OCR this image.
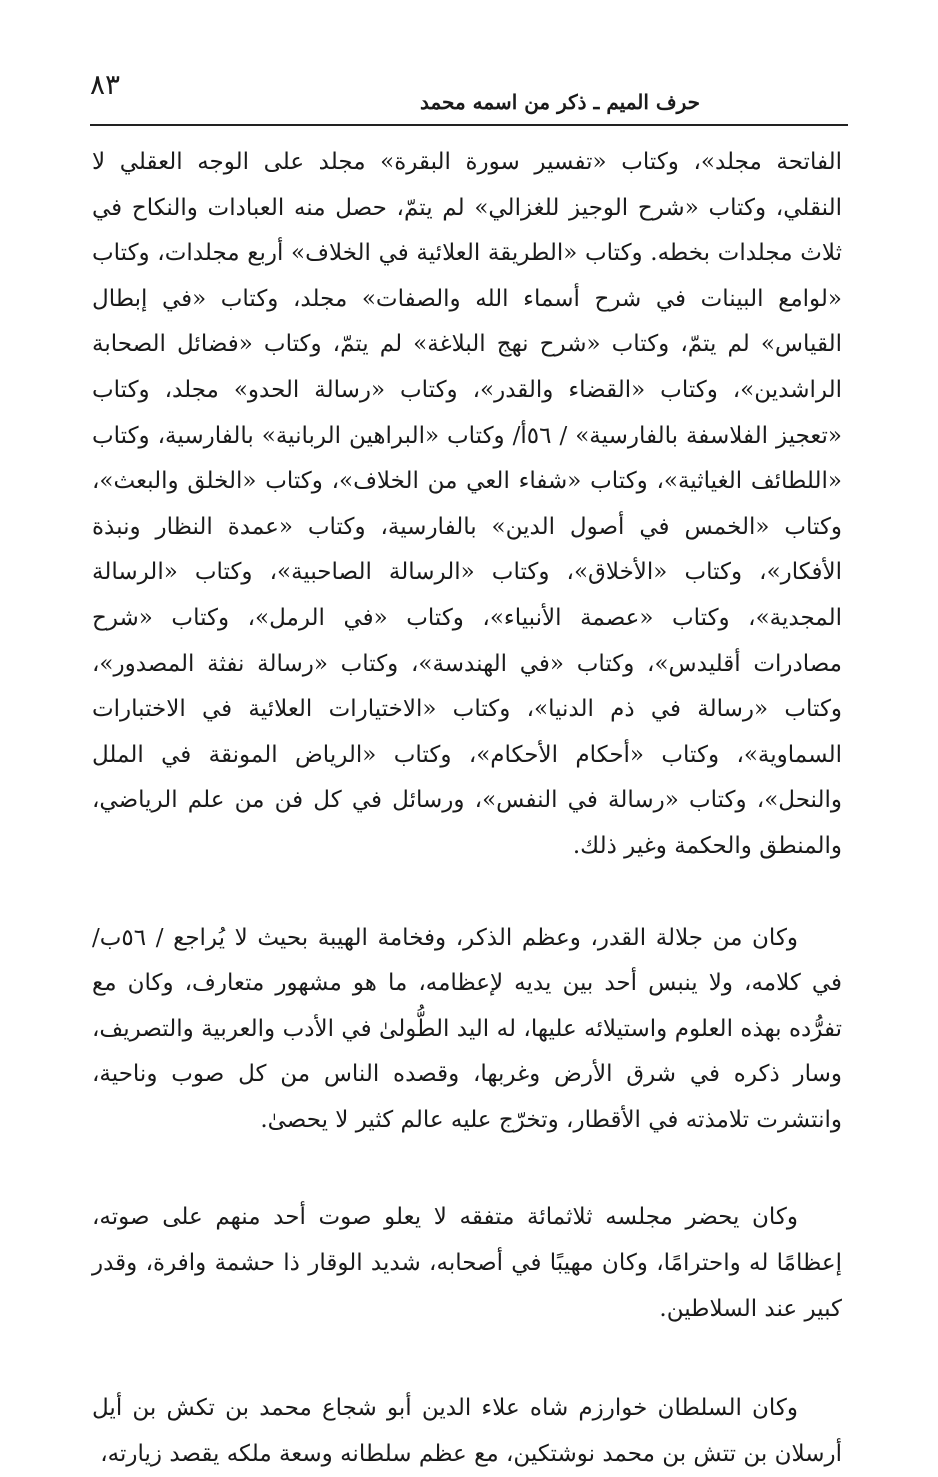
٨٣
حرف الميم ـ ذكر من اسمه محمد

الفاتحة مجلد»، وكتاب «تفسير سورة البقرة» مجلد على الوجه العقلي لا النقلي، وكتاب «شرح الوجيز للغزالي» لم يتمّ، حصل منه العبادات والنكاح في ثلاث مجلدات بخطه. وكتاب «الطريقة العلائية في الخلاف» أربع مجلدات، وكتاب «لوامع البينات في شرح أسماء الله والصفات» مجلد، وكتاب «في إبطال القياس» لم يتمّ، وكتاب «شرح نهج البلاغة» لم يتمّ، وكتاب «فضائل الصحابة الراشدين»، وكتاب «القضاء والقدر»، وكتاب «رسالة الحدو» مجلد، وكتاب «تعجيز الفلاسفة بالفارسية» / ٥٦أ/ وكتاب «البراهين الربانية» بالفارسية، وكتاب «اللطائف الغياثية»، وكتاب «شفاء العي من الخلاف»، وكتاب «الخلق والبعث»، وكتاب «الخمس في أصول الدين» بالفارسية، وكتاب «عمدة النظار ونبذة الأفكار»، وكتاب «الأخلاق»، وكتاب «الرسالة الصاحبية»، وكتاب «الرسالة المجدية»، وكتاب «عصمة الأنبياء»، وكتاب «في الرمل»، وكتاب «شرح مصادرات أقليدس»، وكتاب «في الهندسة»، وكتاب «رسالة نفثة المصدور»، وكتاب «رسالة في ذم الدنيا»، وكتاب «الاختيارات العلائية في الاختبارات السماوية»، وكتاب «أحكام الأحكام»، وكتاب «الرياض المونقة في الملل والنحل»، وكتاب «رسالة في النفس»، ورسائل في كل فن من علم الرياضي، والمنطق والحكمة وغير ذلك.

وكان من جلالة القدر، وعظم الذكر، وفخامة الهيبة بحيث لا يُراجع / ٥٦ب/ في كلامه، ولا ينبس أحد بين يديه لإعظامه، ما هو مشهور متعارف، وكان مع تفرُّده بهذه العلوم واستيلائه عليها، له اليد الطُّولىٰ في الأدب والعربية والتصريف، وسار ذكره في شرق الأرض وغربها، وقصده الناس من كل صوب وناحية، وانتشرت تلامذته في الأقطار، وتخرّج عليه عالم كثير لا يحصىٰ.

وكان يحضر مجلسه ثلاثمائة متفقه لا يعلو صوت أحد منهم على صوته، إعظامًا له واحترامًا، وكان مهيبًا في أصحابه، شديد الوقار ذا حشمة وافرة، وقدر كبير عند السلاطين.

وكان السلطان خوارزم شاه علاء الدين أبو شجاع محمد بن تكش بن أيل أرسلان بن تتش بن محمد نوشتكين، مع عظم سلطانه وسعة ملكه يقصد زيارته،
